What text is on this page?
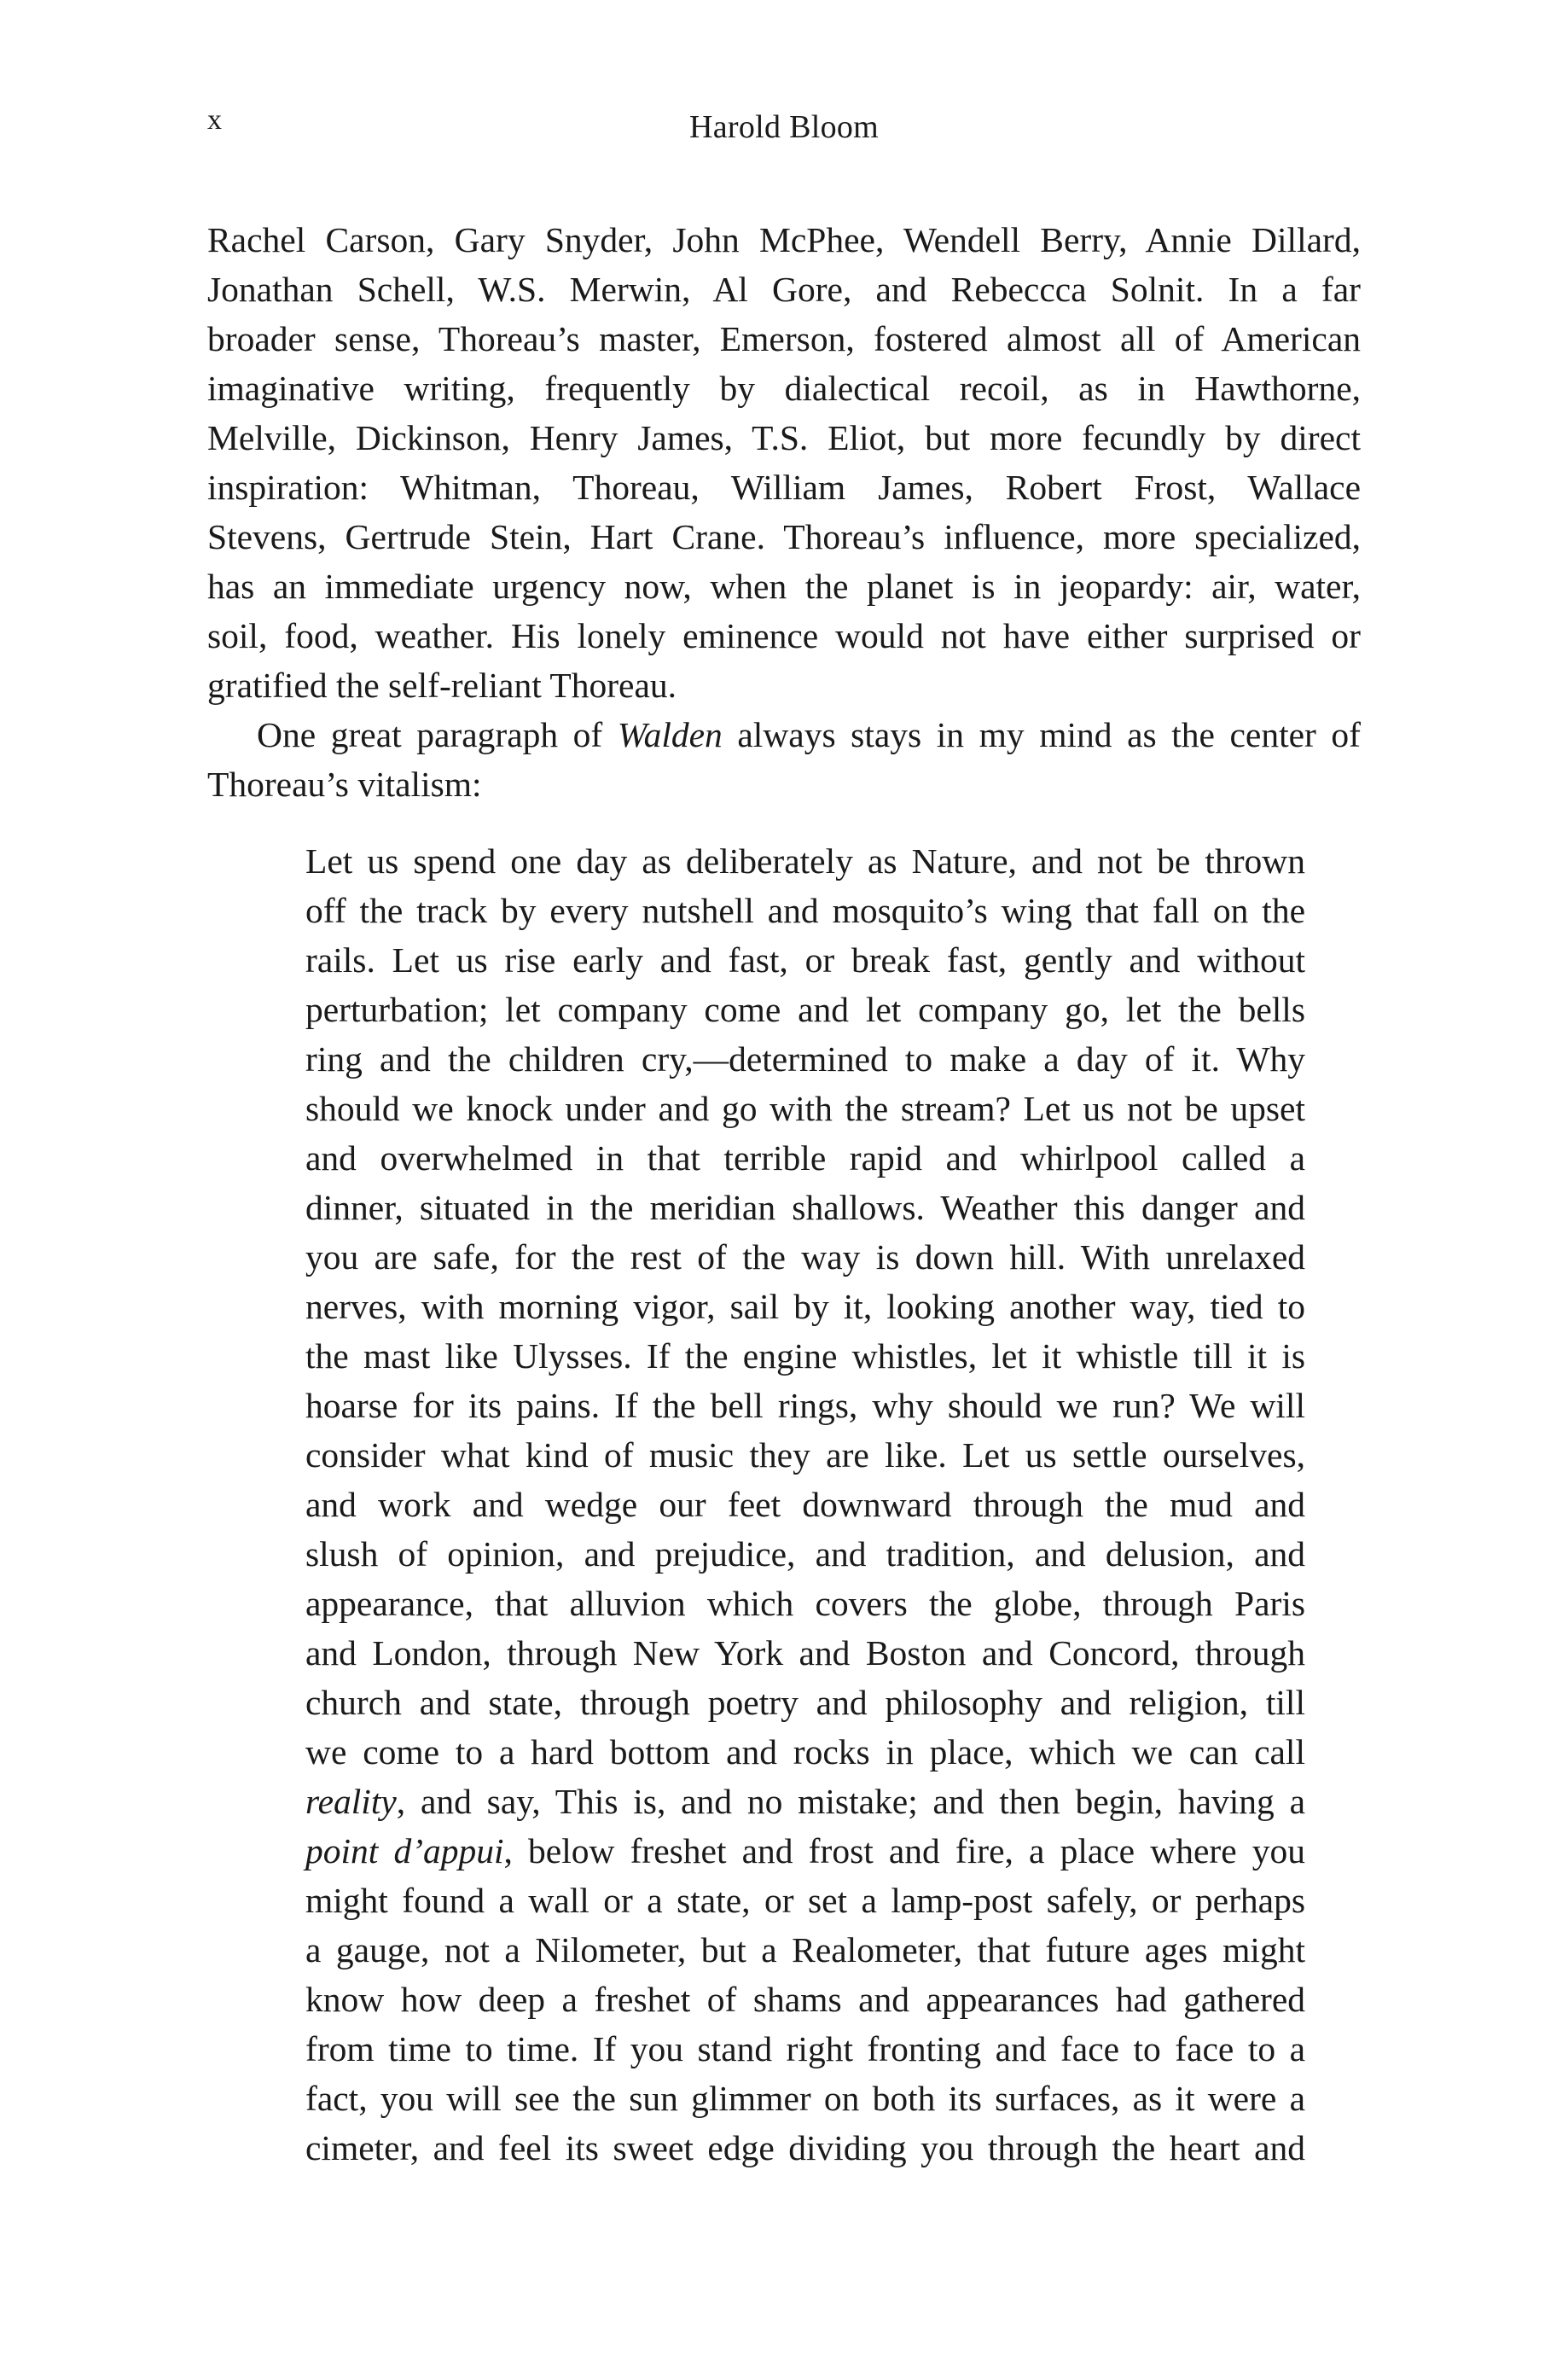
x	Harold Bloom
Rachel Carson, Gary Snyder, John McPhee, Wendell Berry, Annie Dillard,
Jonathan Schell, W.S. Merwin, Al Gore, and Rebeccca Solnit. In a far
broader sense, Thoreau’s master, Emerson, fostered almost all of American
imaginative writing, frequently by dialectical recoil, as in Hawthorne,
Melville, Dickinson, Henry James, T.S. Eliot, but more fecundly by direct
inspiration: Whitman, Thoreau, William James, Robert Frost, Wallace
Stevens, Gertrude Stein, Hart Crane. Thoreau’s influence, more specialized,
has an immediate urgency now, when the planet is in jeopardy: air, water,
soil, food, weather. His lonely eminence would not have either surprised or
gratified the self-reliant Thoreau.
One great paragraph of Walden always stays in my mind as the center of
Thoreau’s vitalism:
Let us spend one day as deliberately as Nature, and not be thrown
off the track by every nutshell and mosquito’s wing that fall on the
rails. Let us rise early and fast, or break fast, gently and without
perturbation; let company come and let company go, let the bells
ring and the children cry,—determined to make a day of it. Why
should we knock under and go with the stream? Let us not be upset
and overwhelmed in that terrible rapid and whirlpool called a
dinner, situated in the meridian shallows. Weather this danger and
you are safe, for the rest of the way is down hill. With unrelaxed
nerves, with morning vigor, sail by it, looking another way, tied to
the mast like Ulysses. If the engine whistles, let it whistle till it is
hoarse for its pains. If the bell rings, why should we run? We will
consider what kind of music they are like. Let us settle ourselves,
and work and wedge our feet downward through the mud and
slush of opinion, and prejudice, and tradition, and delusion, and
appearance, that alluvion which covers the globe, through Paris
and London, through New York and Boston and Concord, through
church and state, through poetry and philosophy and religion, till
we come to a hard bottom and rocks in place, which we can call
reality, and say, This is, and no mistake; and then begin, having a
point d’appui, below freshet and frost and fire, a place where you
might found a wall or a state, or set a lamp-post safely, or perhaps
a gauge, not a Nilometer, but a Realometer, that future ages might
know how deep a freshet of shams and appearances had gathered
from time to time. If you stand right fronting and face to face to a
fact, you will see the sun glimmer on both its surfaces, as it were a
cimeter, and feel its sweet edge dividing you through the heart and
